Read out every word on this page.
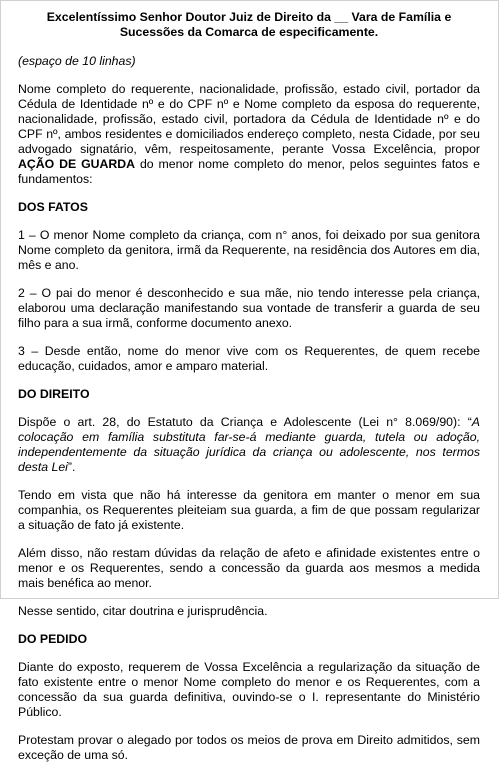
Excelentíssimo Senhor Doutor Juiz de Direito da __ Vara de Família e Sucessões da Comarca de especificamente.
(espaço de 10 linhas)

Nome completo do requerente, nacionalidade, profissão, estado civil, portador da Cédula de Identidade nº e do CPF nº e Nome completo da esposa do requerente, nacionalidade, profissão, estado civil, portadora da Cédula de Identidade nº e do CPF nº, ambos residentes e domiciliados endereço completo, nesta Cidade, por seu advogado signatário, vêm, respeitosamente, perante Vossa Excelência, propor AÇÃO DE GUARDA do menor nome completo do menor, pelos seguintes fatos e fundamentos:

DOS FATOS

1 – O menor Nome completo da criança, com n° anos, foi deixado por sua genitora Nome completo da genitora, irmã da Requerente, na residência dos Autores em dia, mês e ano.

2 – O pai do menor é desconhecido e sua mãe, nio tendo interesse pela criança, elaborou uma declaração manifestando sua vontade de transferir a guarda de seu filho para a sua irmã, conforme documento anexo.

3 – Desde então, nome do menor vive com os Requerentes, de quem recebe educação, cuidados, amor e amparo material.

DO DIREITO

Dispõe o art. 28, do Estatuto da Criança e Adolescente (Lei n° 8.069/90): “A colocação em família substituta far-se-á mediante guarda, tutela ou adoção, independentemente da situação jurídica da criança ou adolescente, nos termos desta Lei”.

Tendo em vista que não há interesse da genitora em manter o menor em sua companhia, os Requerentes pleiteiam sua guarda, a fim de que possam regularizar a situação de fato já existente.

Além disso, não restam dúvidas da relação de afeto e afinidade existentes entre o menor e os Requerentes, sendo a concessão da guarda aos mesmos a medida mais benéfica ao menor.

Nesse sentido, citar doutrina e jurisprudência.

DO PEDIDO

Diante do exposto, requerem de Vossa Excelência a regularização da situação de fato existente entre o menor Nome completo do menor e os Requerentes, com a concessão da sua guarda definitiva, ouvindo-se o I. representante do Ministério Público.

Protestam provar o alegado por todos os meios de prova em Direito admitidos, sem exceção de uma só.
